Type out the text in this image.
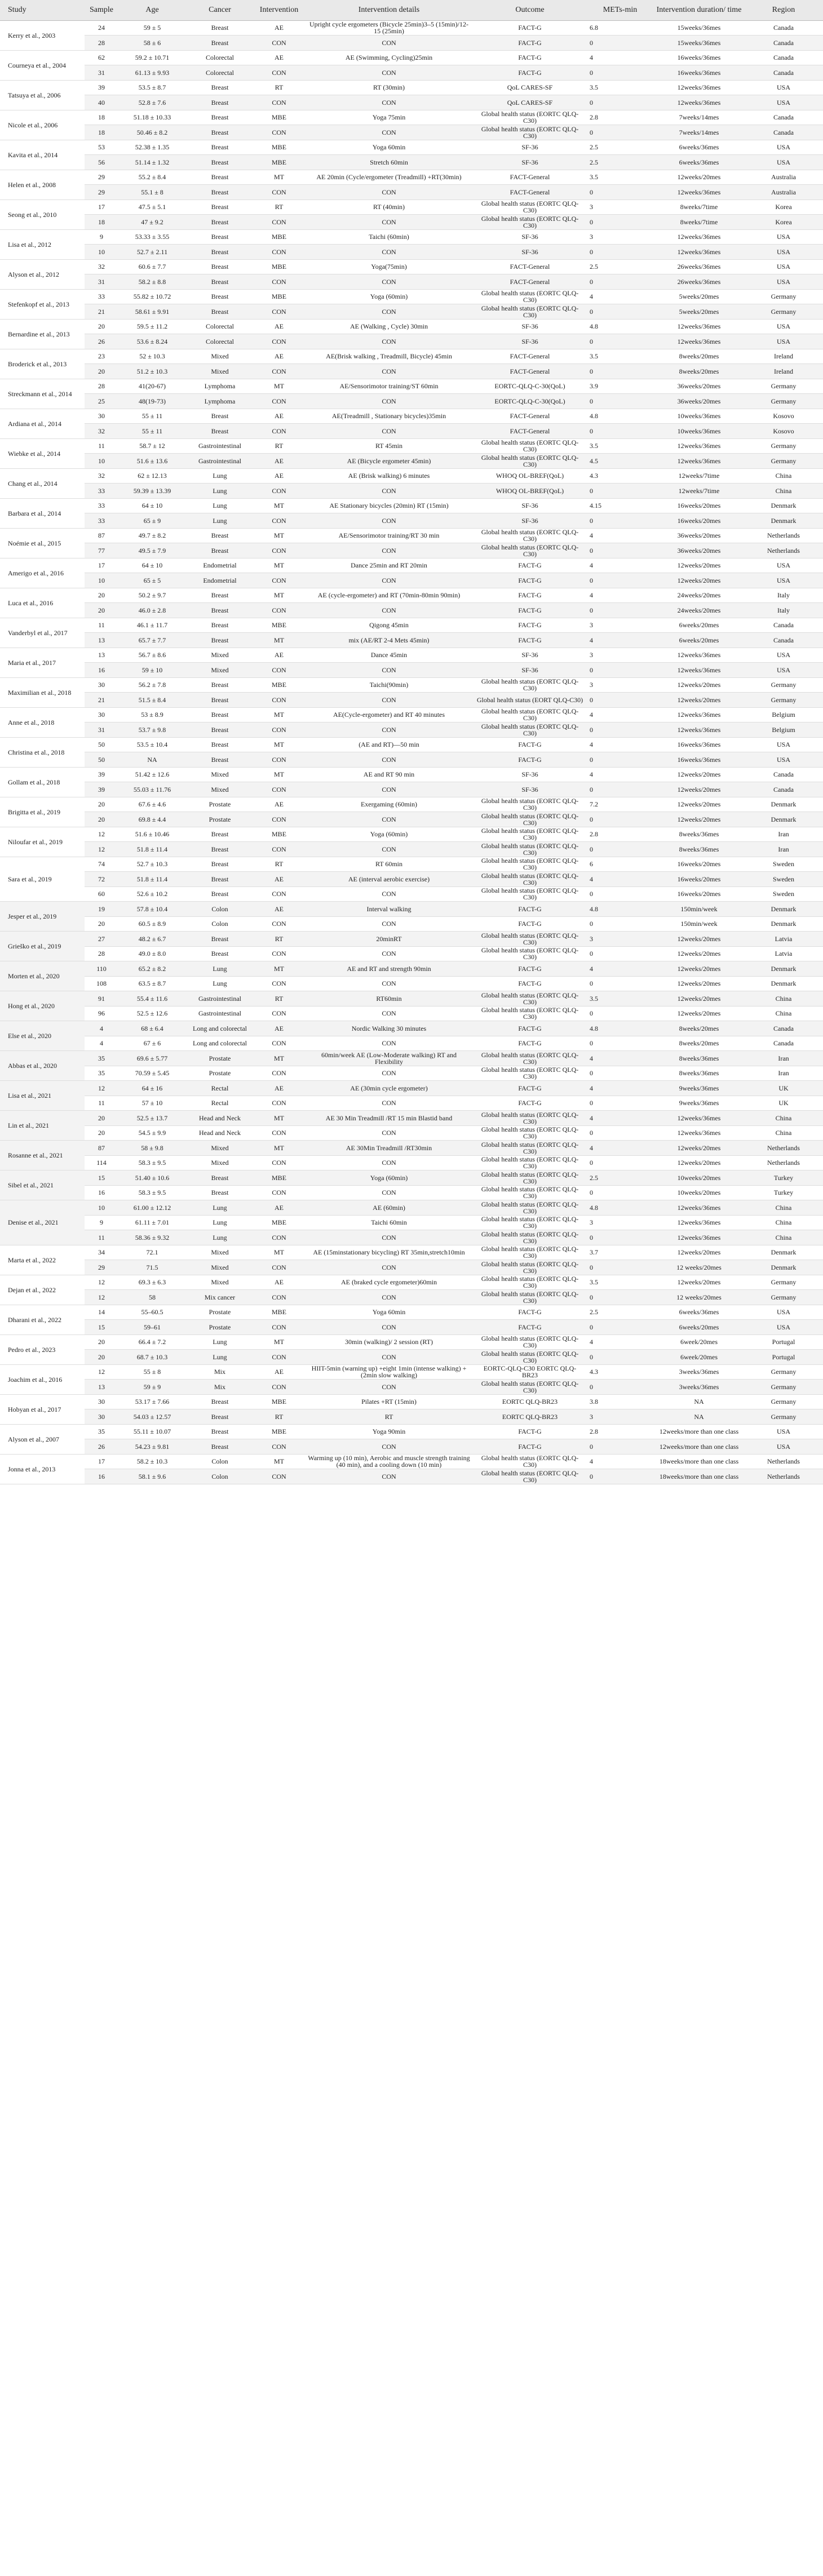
Study	Sample	Age	Cancer	Intervention	Intervention details	Outcome	METs-min	Intervention duration/ time	Region
Kerry et al., 2003	24	59 ± 5	Breast	AE	Upright cycle ergometers (Bicycle 25min)3–5 (15min)/12-15 (25min)	FACT-G	6.8	15weeks/36mes	Canada
	28	58 ± 6	Breast	CON	CON	FACT-G	0	15weeks/36mes	Canada
Courneya et al., 2004	62	59.2 ± 10.71	Colorectal	AE	AE (Swimming, Cycling)25min	FACT-G	4	16weeks/36mes	Canada
	31	61.13 ± 9.93	Colorectal	CON	CON	FACT-G	0	16weeks/36mes	Canada
Tatsuya et al., 2006	39	53.5 ± 8.7	Breast	RT	RT (30min)	QoL CARES-SF	3.5	12weeks/36mes	USA
	40	52.8 ± 7.6	Breast	CON	CON	QoL CARES-SF	0	12weeks/36mes	USA
Nicole et al., 2006	18	51.18 ± 10.33	Breast	MBE	Yoga 75min	Global health status (EORTC QLQ-C30)	2.8	7weeks/14mes	Canada
	18	50.46 ± 8.2	Breast	CON	CON	Global health status (EORTC QLQ-C30)	0	7weeks/14mes	Canada
Kavita et al., 2014	53	52.38 ± 1.35	Breast	MBE	Yoga 60min	SF-36	2.5	6weeks/36mes	USA
	56	51.14 ± 1.32	Breast	MBE	Stretch 60min	SF-36	2.5	6weeks/36mes	USA
Helen et al., 2008	29	55.2 ± 8.4	Breast	MT	AE 20min (Cycle/ergometer (Treadmill) +RT(30min)	FACT-General	3.5	12weeks/20mes	Australia
	29	55.1 ± 8	Breast	CON	CON	FACT-General	0	12weeks/36mes	Australia
Seong et al., 2010	17	47.5 ± 5.1	Breast	RT	RT (40min)	Global health status (EORTC QLQ-C30)	3	8weeks/7time	Korea
	18	47 ± 9.2	Breast	CON	CON	Global health status (EORTC QLQ-C30)	0	8weeks/7time	Korea
Lisa et al., 2012	9	53.33 ± 3.55	Breast	MBE	Taichi (60min)	SF-36	3	12weeks/36mes	USA
	10	52.7 ± 2.11	Breast	CON	CON	SF-36	0	12weeks/36mes	USA
Alyson et al., 2012	32	60.6 ± 7.7	Breast	MBE	Yoga(75min)	FACT-General	2.5	26weeks/36mes	USA
	31	58.2 ± 8.8	Breast	CON	CON	FACT-General	0	26weeks/36mes	USA
Stefenkopf et al., 2013	33	55.82 ± 10.72	Breast	MBE	Yoga (60min)	Global health status (EORTC QLQ-C30)	4	5weeks/20mes	Germany
	21	58.61 ± 9.91	Breast	CON	CON	Global health status (EORTC QLQ-C30)	0	5weeks/20mes	Germany
Bernardine et al., 2013	20	59.5 ± 11.2	Colorectal	AE	AE (Walking , Cycle) 30min	SF-36	4.8	12weeks/36mes	USA
	26	53.6 ± 8.24	Colorectal	CON	CON	SF-36	0	12weeks/36mes	USA
Broderick et al., 2013	23	52 ± 10.3	Mixed	AE	AE(Brisk walking , Treadmill, Bicycle) 45min	FACT-General	3.5	8weeks/20mes	Ireland
	20	51.2 ± 10.3	Mixed	CON	CON	FACT-General	0	8weeks/20mes	Ireland
Streckmann et al., 2014	28	41(20-67)	Lymphoma	MT	AE/Sensorimotor training/ST 60min	EORTC-QLQ-C-30(QoL)	3.9	36weeks/20mes	Germany
	25	48(19-73)	Lymphoma	CON	CON	EORTC-QLQ-C-30(QoL)	0	36weeks/20mes	Germany
Ardiana et al., 2014	30	55 ± 11	Breast	AE	AE(Treadmill , Stationary bicycles)35min	FACT-General	4.8	10weeks/36mes	Kosovo
	32	55 ± 11	Breast	CON	CON	FACT-General	0	10weeks/36mes	Kosovo
Wiebke et al., 2014	11	58.7 ± 12	Gastrointestinal	RT	RT 45min	Global health status (EORTC QLQ-C30)	3.5	12weeks/36mes	Germany
	10	51.6 ± 13.6	Gastrointestinal	AE	AE (Bicycle ergometer 45min)	Global health status (EORTC QLQ-C30)	4.5	12weeks/36mes	Germany
Chang et al., 2014	32	62 ± 12.13	Lung	AE	AE (Brisk walking) 6 minutes	WHOQ OL-BREF(QoL)	4.3	12weeks/7time	China
	33	59.39 ± 13.39	Lung	CON	CON	WHOQ OL-BREF(QoL)	0	12weeks/7time	China
Barbara et al., 2014	33	64 ± 10	Lung	MT	AE Stationary bicycles (20min) RT (15min)	SF-36	4.15	16weeks/20mes	Denmark
	33	65 ± 9	Lung	CON	CON	SF-36	0	16weeks/20mes	Denmark
Noémie et al., 2015	87	49.7 ± 8.2	Breast	MT	AE/Sensorimotor training/RT 30 min	Global health status (EORTC QLQ-C30)	4	36weeks/20mes	Netherlands
	77	49.5 ± 7.9	Breast	CON	CON	Global health status (EORTC QLQ-C30)	0	36weeks/20mes	Netherlands
Amerigo et al., 2016	17	64 ± 10	Endometrial	MT	Dance 25min and RT 20min	FACT-G	4	12weeks/20mes	USA
	10	65 ± 5	Endometrial	CON	CON	FACT-G	0	12weeks/20mes	USA
Luca et al., 2016	20	50.2 ± 9.7	Breast	MT	AE (cycle-ergometer) and RT (70min-80min 90min)	FACT-G	4	24weeks/20mes	Italy
	20	46.0 ± 2.8	Breast	CON	CON	FACT-G	0	24weeks/20mes	Italy
Vanderbyl et al., 2017	11	46.1 ± 11.7	Breast	MBE	Qigong 45min	FACT-G	3	6weeks/20mes	Canada
	13	65.7 ± 7.7	Breast	MT	mix (AE/RT 2-4 Mets 45min)	FACT-G	4	6weeks/20mes	Canada
Maria et al., 2017	13	56.7 ± 8.6	Mixed	AE	Dance 45min	SF-36	3	12weeks/36mes	USA
	16	59 ± 10	Mixed	CON	CON	SF-36	0	12weeks/36mes	USA
Maximilian et al., 2018	30	56.2 ± 7.8	Breast	MBE	Taichi(90min)	Global health status (EORTC QLQ-C30)	3	12weeks/20mes	Germany
	21	51.5 ± 8.4	Breast	CON	CON	Global health status (EORT QLQ-C30)	0	12weeks/20mes	Germany
Anne et al., 2018	30	53 ± 8.9	Breast	MT	AE(Cycle-ergometer) and RT 40 minutes	Global health status (EORTC QLQ-C30)	4	12weeks/36mes	Belgium
	31	53.7 ± 9.8	Breast	CON	CON	Global health status (EORTC QLQ-C30)	0	12weeks/36mes	Belgium
Christina et al., 2018	50	53.5 ± 10.4	Breast	MT	(AE and RT)—50 min	FACT-G	4	16weeks/36mes	USA
	50	NA	Breast	CON	CON	FACT-G	0	16weeks/36mes	USA
Gollam et al., 2018	39	51.42 ± 12.6	Mixed	MT	AE and RT 90 min	SF-36	4	12weeks/20mes	Canada
	39	55.03 ± 11.76	Mixed	CON	CON	SF-36	0	12weeks/20mes	Canada
Brigitta et al., 2019	20	67.6 ± 4.6	Prostate	AE	Exergaming (60min)	Global health status (EORTC QLQ-C30)	7.2	12weeks/20mes	Denmark
	20	69.8 ± 4.4	Prostate	CON	CON	Global health status (EORTC QLQ-C30)	0	12weeks/20mes	Denmark
Niloufar et al., 2019	12	51.6 ± 10.46	Breast	MBE	Yoga (60min)	Global health status (EORTC QLQ-C30)	2.8	8weeks/36mes	Iran
	12	51.8 ± 11.4	Breast	CON	CON	Global health status (EORTC QLQ-C30)	0	8weeks/36mes	Iran
Sara et al., 2019	74	52.7 ± 10.3	Breast	RT	RT 60min	Global health status (EORTC QLQ-C30)	6	16weeks/20mes	Sweden
	72	51.8 ± 11.4	Breast	AE	AE (interval aerobic exercise)	Global health status (EORTC QLQ-C30)	4	16weeks/20mes	Sweden
	60	52.6 ± 10.2	Breast	CON	CON	Global health status (EORTC QLQ-C30)	0	16weeks/20mes	Sweden
Jesper et al., 2019	19	57.8 ± 10.4	Colon	AE	Interval walking	FACT-G	4.8	150min/week	Denmark
	20	60.5 ± 8.9	Colon	CON	CON	FACT-G	0	150min/week	Denmark
Grieško et al., 2019	27	48.2 ± 6.7	Breast	RT	20minRT	Global health status (EORTC QLQ-C30)	3	12weeks/20mes	Latvia
	28	49.0 ± 8.0	Breast	CON	CON	Global health status (EORTC QLQ-C30)	0	12weeks/20mes	Latvia
Morten et al., 2020	110	65.2 ± 8.2	Lung	MT	AE and RT and strength 90min	FACT-G	4	12weeks/20mes	Denmark
	108	63.5 ± 8.7	Lung	CON	CON	FACT-G	0	12weeks/20mes	Denmark
Hong et al., 2020	91	55.4 ± 11.6	Gastrointestinal	RT	RT60min	Global health status (EORTC QLQ-C30)	3.5	12weeks/20mes	China
	96	52.5 ± 12.6	Gastrointestinal	CON	CON	Global health status (EORTC QLQ-C30)	0	12weeks/20mes	China
Else et al., 2020	4	68 ± 6.4	Long and colorectal	AE	Nordic Walking 30 minutes	FACT-G	4.8	8weeks/20mes	Canada
	4	67 ± 6	Long and colorectal	CON	CON	FACT-G	0	8weeks/20mes	Canada
Abbas et al., 2020	35	69.6 ± 5.77	Prostate	MT	60min/week AE (Low-Moderate walking) RT and Flexibility	Global health status (EORTC QLQ-C30)	4	8weeks/36mes	Iran
	35	70.59 ± 5.45	Prostate	CON	CON	Global health status (EORTC QLQ-C30)	0	8weeks/36mes	Iran
Lisa et al., 2021	12	64 ± 16	Rectal	AE	AE (30min cycle ergometer)	FACT-G	4	9weeks/36mes	UK
	11	57 ± 10	Rectal	CON	CON	FACT-G	0	9weeks/36mes	UK
Lin et al., 2021	20	52.5 ± 13.7	Head and Neck	MT	AE 30 Min Treadmill /RT 15 min Blastid band	Global health status (EORTC QLQ-C30)	4	12weeks/36mes	China
	20	54.5 ± 9.9	Head and Neck	CON	CON	Global health status (EORTC QLQ-C30)	0	12weeks/36mes	China
Rosanne et al., 2021	87	58 ± 9.8	Mixed	MT	AE 30Min Treadmill /RT30min	Global health status (EORTC QLQ-C30)	4	12weeks/20mes	Netherlands
	114	58.3 ± 9.5	Mixed	CON	CON	Global health status (EORTC QLQ-C30)	0	12weeks/20mes	Netherlands
Sibel et al., 2021	15	51.40 ± 10.6	Breast	MBE	Yoga (60min)	Global health status (EORTC QLQ-C30)	2.5	10weeks/20mes	Turkey
	16	58.3 ± 9.5	Breast	CON	CON	Global health status (EORTC QLQ-C30)	0	10weeks/20mes	Turkey
Denise et al., 2021	10	61.00 ± 12.12	Lung	AE	AE (60min)	Global health status (EORTC QLQ-C30)	4.8	12weeks/36mes	China
	9	61.11 ± 7.01	Lung	MBE	Taichi 60min	Global health status (EORTC QLQ-C30)	3	12weeks/36mes	China
	11	58.36 ± 9.32	Lung	CON	CON	Global health status (EORTC QLQ-C30)	0	12weeks/36mes	China
Marta et al., 2022	34	72.1	Mixed	MT	AE (15minstationary bicycling) RT 35min,stretch10min	Global health status (EORTC QLQ-C30)	3.7	12weeks/20mes	Denmark
	29	71.5	Mixed	CON	CON	Global health status (EORTC QLQ-C30)	0	12 weeks/20mes	Denmark
Dejan et al., 2022	12	69.3 ± 6.3	Mixed	AE	AE (braked cycle ergometer)60min	Global health status (EORTC QLQ-C30)	3.5	12weeks/20mes	Germany
	12	58	Mix cancer	CON	CON	Global health status (EORTC QLQ-C30)	0	12 weeks/20mes	Germany
Dharani et al., 2022	14	55–60.5	Prostate	MBE	Yoga 60min	FACT-G	2.5	6weeks/36mes	USA
	15	59–61	Prostate	CON	CON	FACT-G	0	6weeks/20mes	USA
Pedro et al., 2023	20	66.4 ± 7.2	Lung	MT	30min (walking)/ 2 session (RT)	Global health status (EORTC QLQ-C30)	4	6week/20mes	Portugal
	20	68.7 ± 10.3	Lung	CON	CON	Global health status (EORTC QLQ-C30)	0	6week/20mes	Portugal
Joachim et al., 2016	12	55 ± 8	Mix	AE	HIIT-5min (warning up) +eight 1min (intense walking) +(2min slow walking)	EORTC-QLQ-C30 EORTC QLQ-BR23	4.3	3weeks/36mes	Germany
	13	59 ± 9	Mix	CON	CON	Global health status (EORTC QLQ-C30)	0	3weeks/36mes	Germany
Hobyan et al., 2017	30	53.17 ± 7.66	Breast	MBE	Pilates +RT (15min)	EORTC QLQ-BR23	3.8	NA	Germany
	30	54.03 ± 12.57	Breast	RT	RT	EORTC QLQ-BR23	3	NA	Germany
Alyson et al., 2007	35	55.11 ± 10.07	Breast	MBE	Yoga 90min	FACT-G	2.8	12weeks/more than one class	USA
	26	54.23 ± 9.81	Breast	CON	CON	FACT-G	0	12weeks/more than one class	USA
Jonna et al., 2013	17	58.2 ± 10.3	Colon	MT	Warming up (10 min), Aerobic and muscle strength training (40 min), and a cooling down (10 min)	Global health status (EORTC QLQ-C30)	4	18weeks/more than one class	Netherlands
	16	58.1 ± 9.6	Colon	CON	CON	Global health status (EORTC QLQ-C30)	0	18weeks/more than one class	Netherlands
